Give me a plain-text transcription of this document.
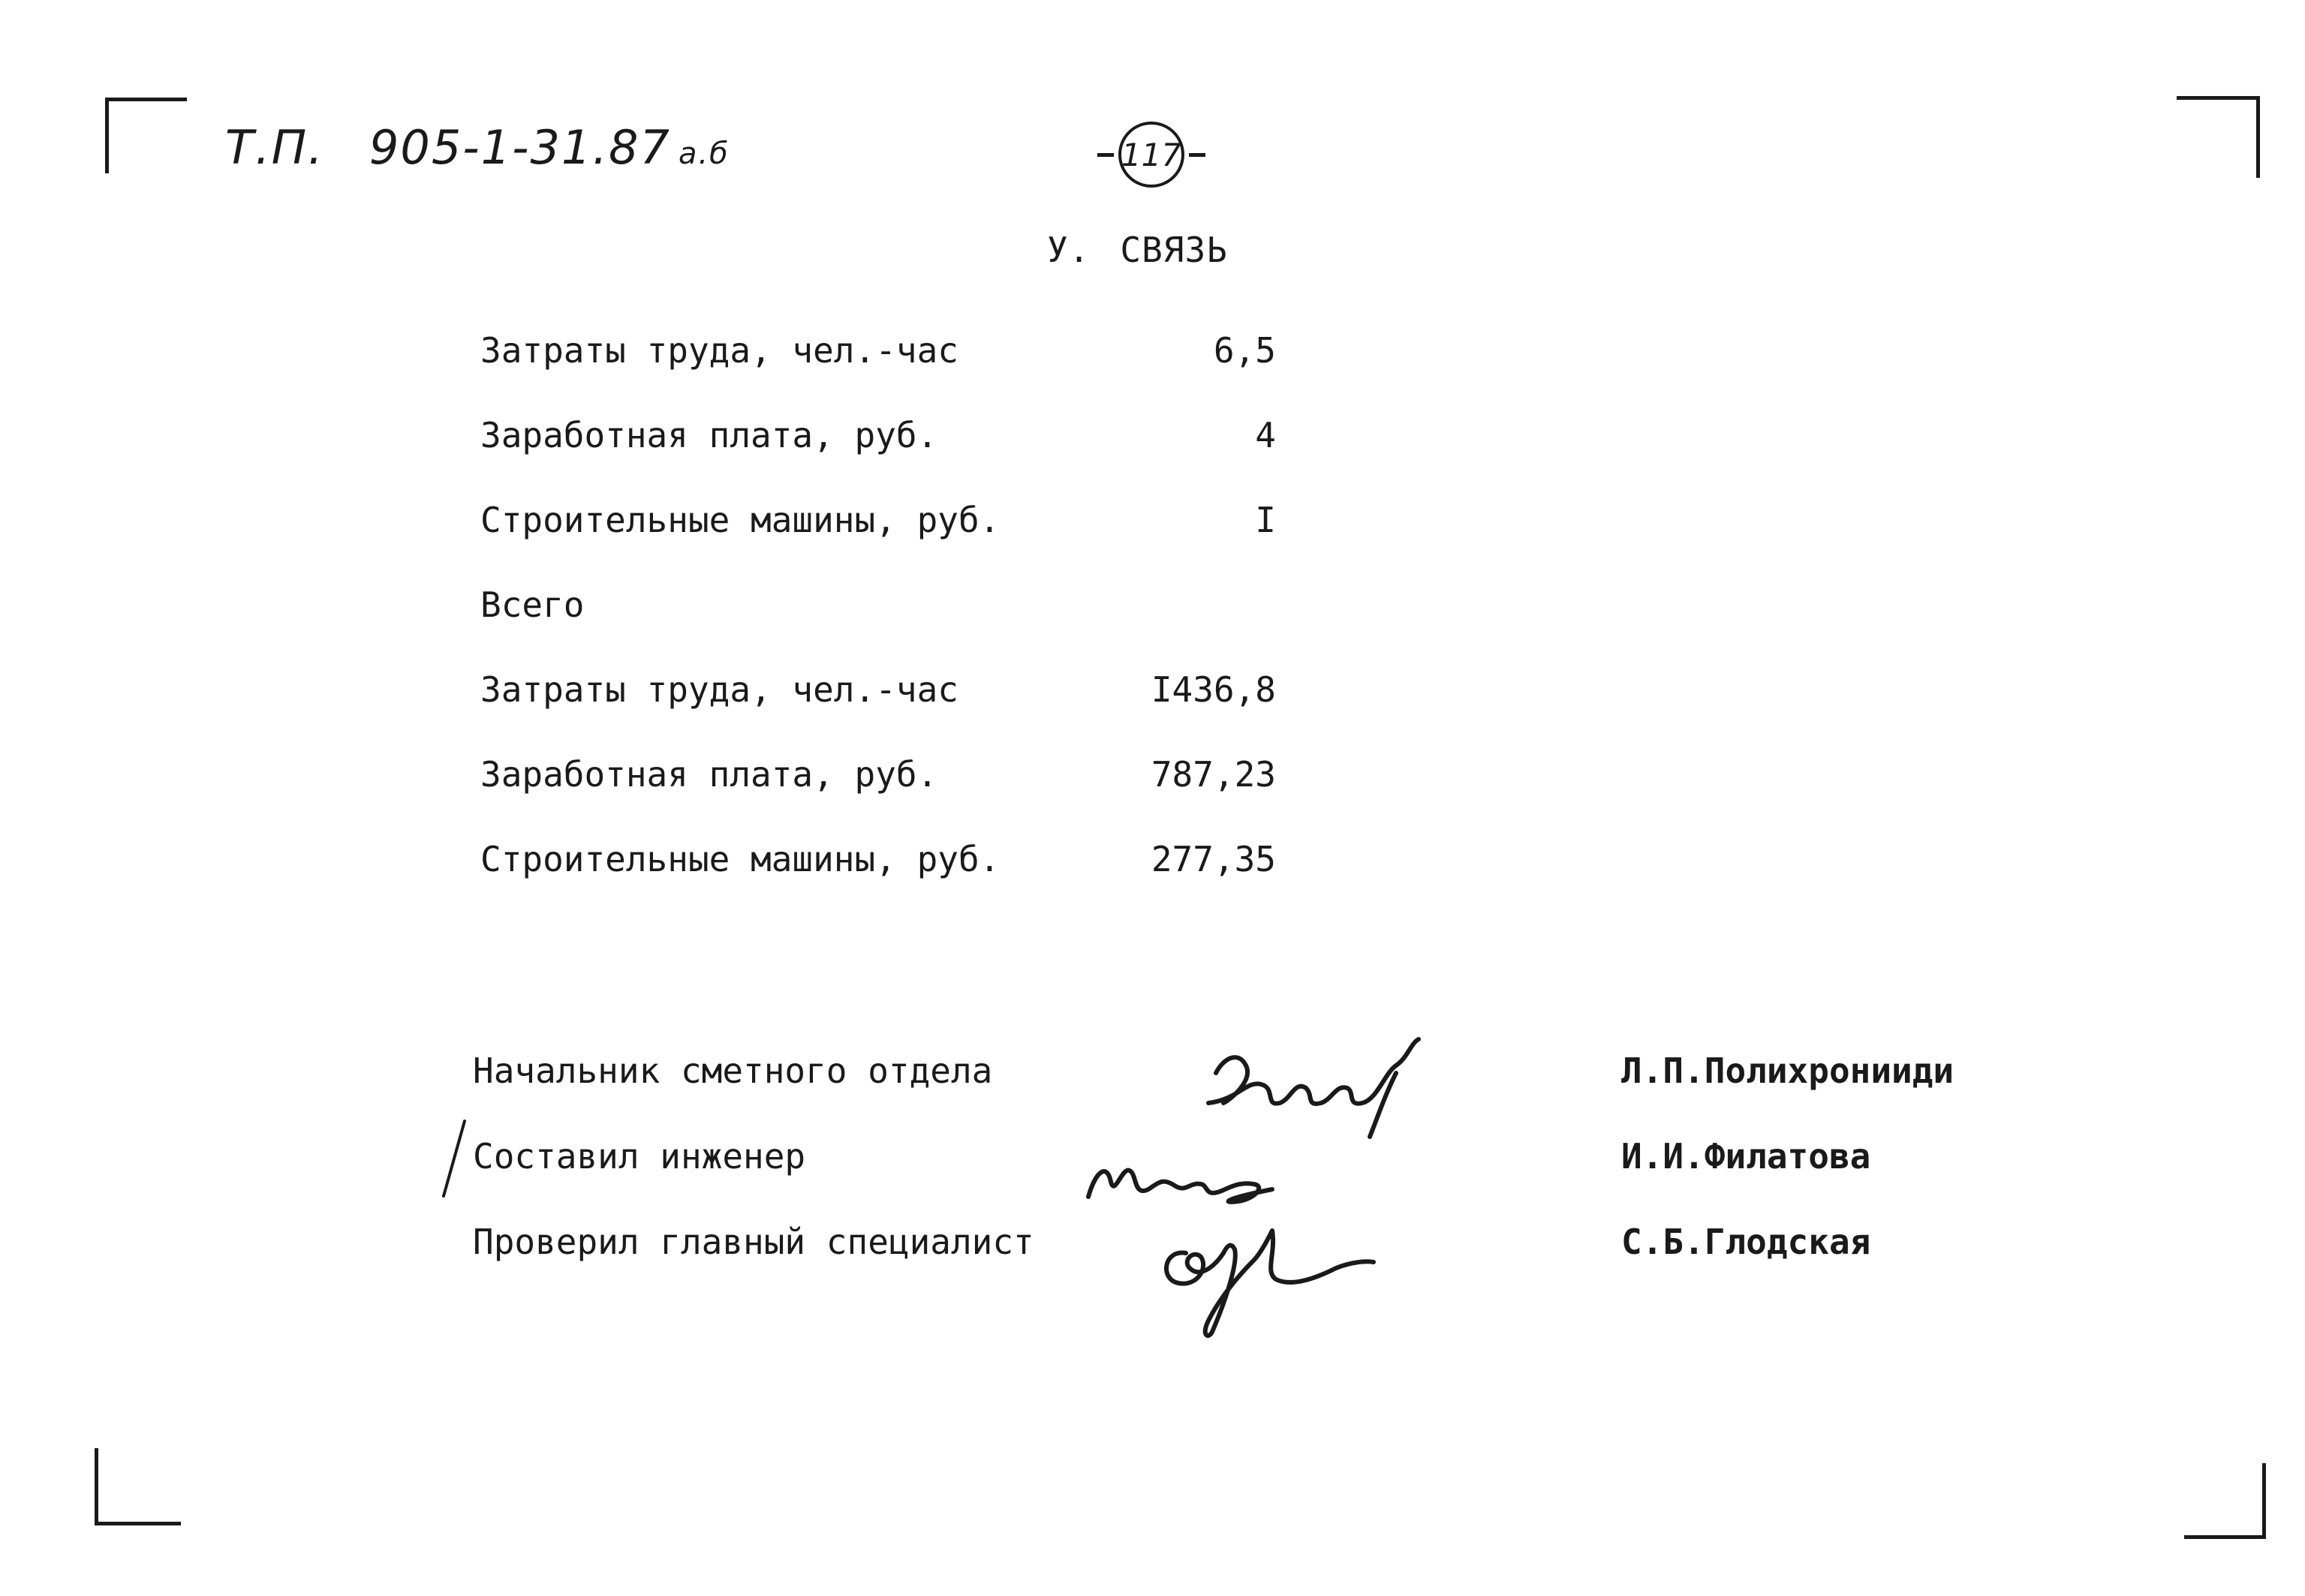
Т.П. 905-1-31.87 а.б	117
У. СВЯЗЬ
Затраты труда, чел.-час	6,5
Заработная плата, руб.	4
Строительные машины, руб.	I
Всего
Затраты труда, чел.-час	I436,8
Заработная плата, руб.	787,23
Строительные машины, руб.	277,35
Начальник сметного отдела	Л.П.Полихронииди
Составил инженер	И.И.Филатова
Проверил главный специалист	С.Б.Глодская
